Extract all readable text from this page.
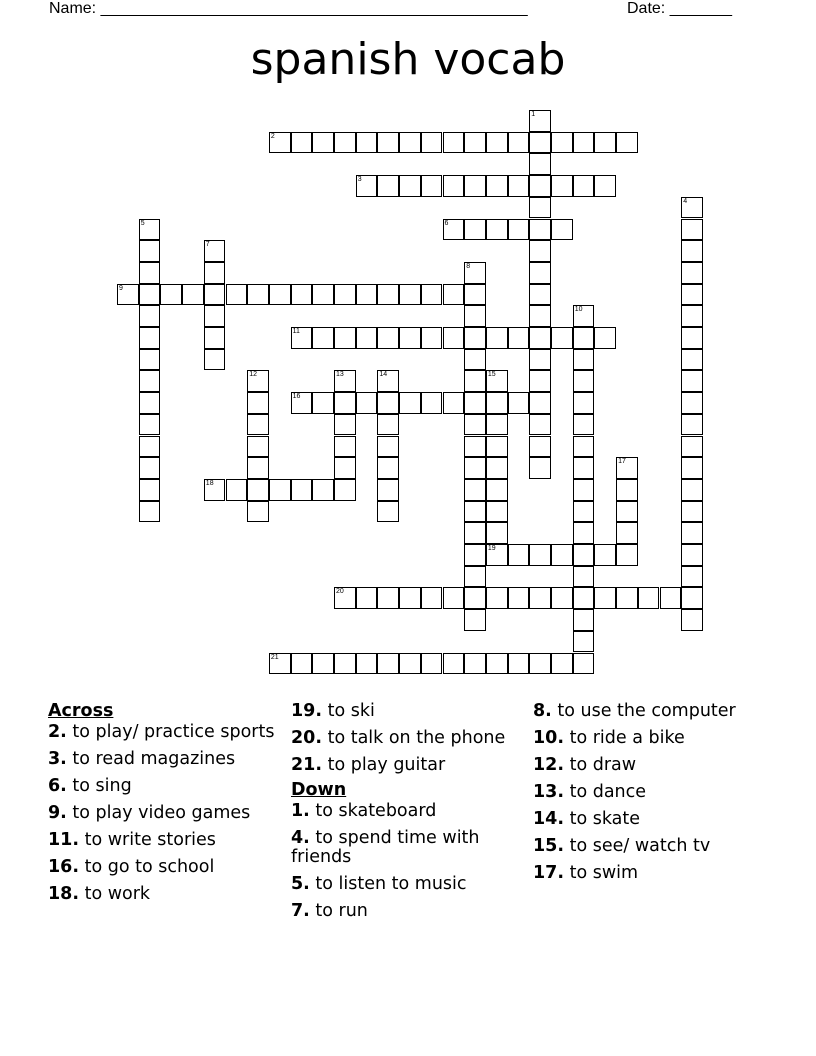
Name: ________________________________________________	Date: _______
spanish vocab
1
2
3
4
5	6
7
8
9
10
11
12	13	14	15
16
17
18
19
20
21
Across
2. to play/ practice sports
3. to read magazines
6. to sing
9. to play video games
11. to write stories
16. to go to school
18. to work
19. to ski
20. to talk on the phone
21. to play guitar
Down
1. to skateboard
4. to spend time with friends
5. to listen to music
7. to run
8. to use the computer
10. to ride a bike
12. to draw
13. to dance
14. to skate
15. to see/ watch tv
17. to swim
